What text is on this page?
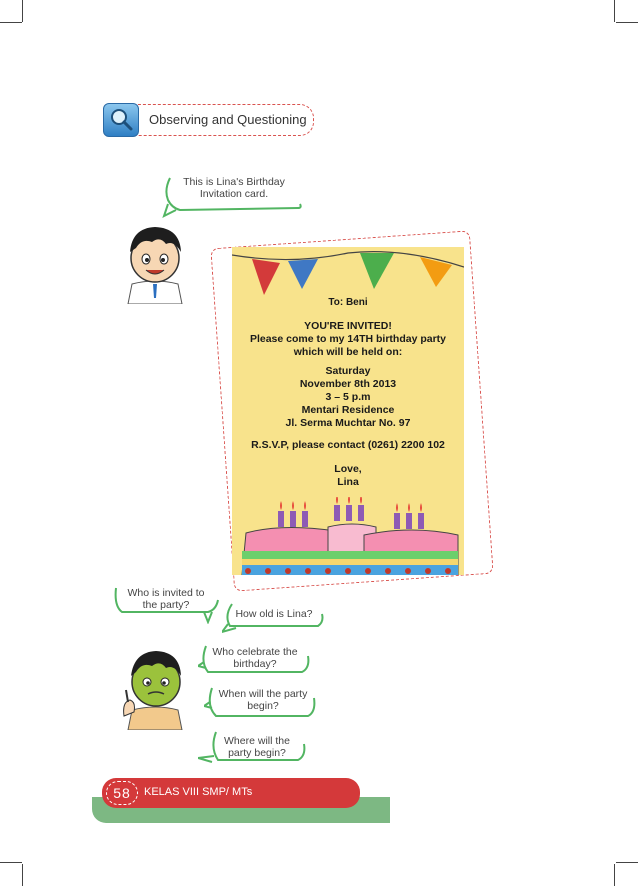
Observing and Questioning
This is Lina's Birthday
Invitation card.
To: Beni
YOU'RE INVITED!
Please come to my 14TH birthday party
which will be held on:
Saturday
November 8th 2013
3 – 5 p.m
Mentari Residence
Jl. Serma Muchtar No. 97
R.S.V.P, please contact (0261) 2200 102
Love,
Lina
Who is invited to
the party?
How old is Lina?
Who celebrate the
birthday?
When will the party
begin?
Where will the
party begin?
58	KELAS VIII SMP/ MTs
